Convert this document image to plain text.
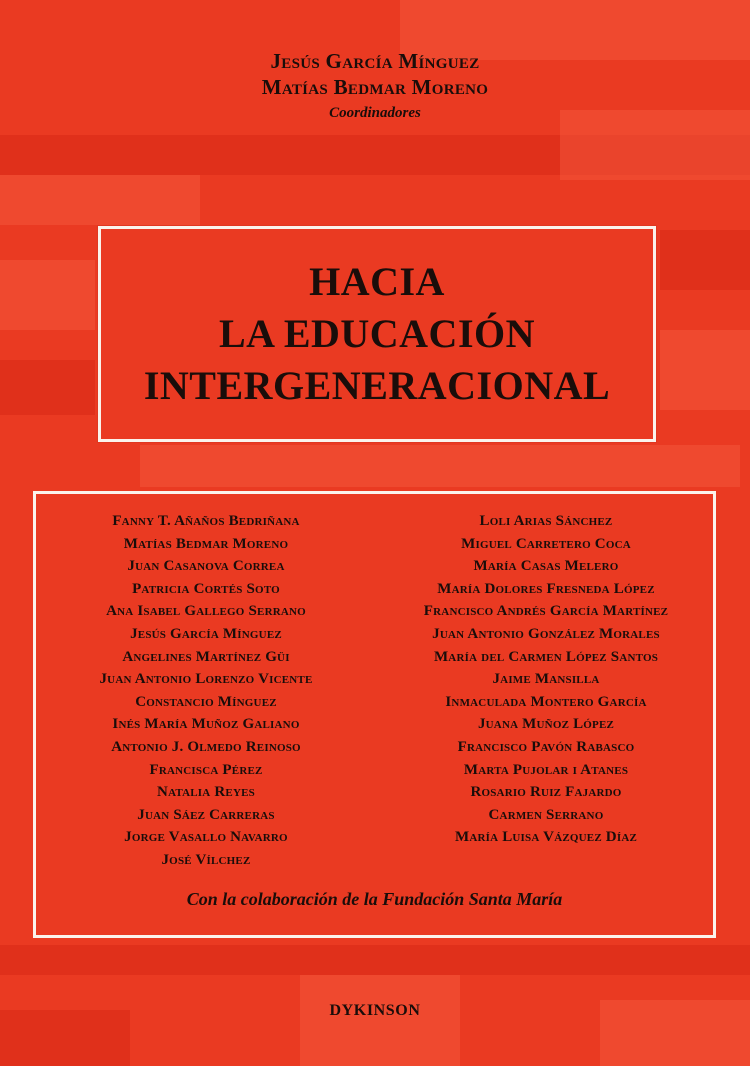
Jesús García Mínguez
Matías Bedmar Moreno
Coordinadores
HACIA
LA EDUCACIÓN
INTERGENERACIONAL
Fanny T. Añaños Bedriñana
Matías Bedmar Moreno
Juan Casanova Correa
Patricia Cortés Soto
Ana Isabel Gallego Serrano
Jesús García Mínguez
Angelines Martínez Güi
Juan Antonio Lorenzo Vicente
Constancio Mínguez
Inés María Muñoz Galiano
Antonio J. Olmedo Reinoso
Francisca Pérez
Natalia Reyes
Juan Sáez Carreras
Jorge Vasallo Navarro
José Vílchez
Loli Arias Sánchez
Miguel Carretero Coca
María Casas Melero
María Dolores Fresneda López
Francisco Andrés García Martínez
Juan Antonio González Morales
María del Carmen López Santos
Jaime Mansilla
Inmaculada Montero García
Juana Muñoz López
Francisco Pavón Rabasco
Marta Pujolar i Atanes
Rosario Ruiz Fajardo
Carmen Serrano
María Luisa Vázquez Díaz
Con la colaboración de la Fundación Santa María
DYKINSON
